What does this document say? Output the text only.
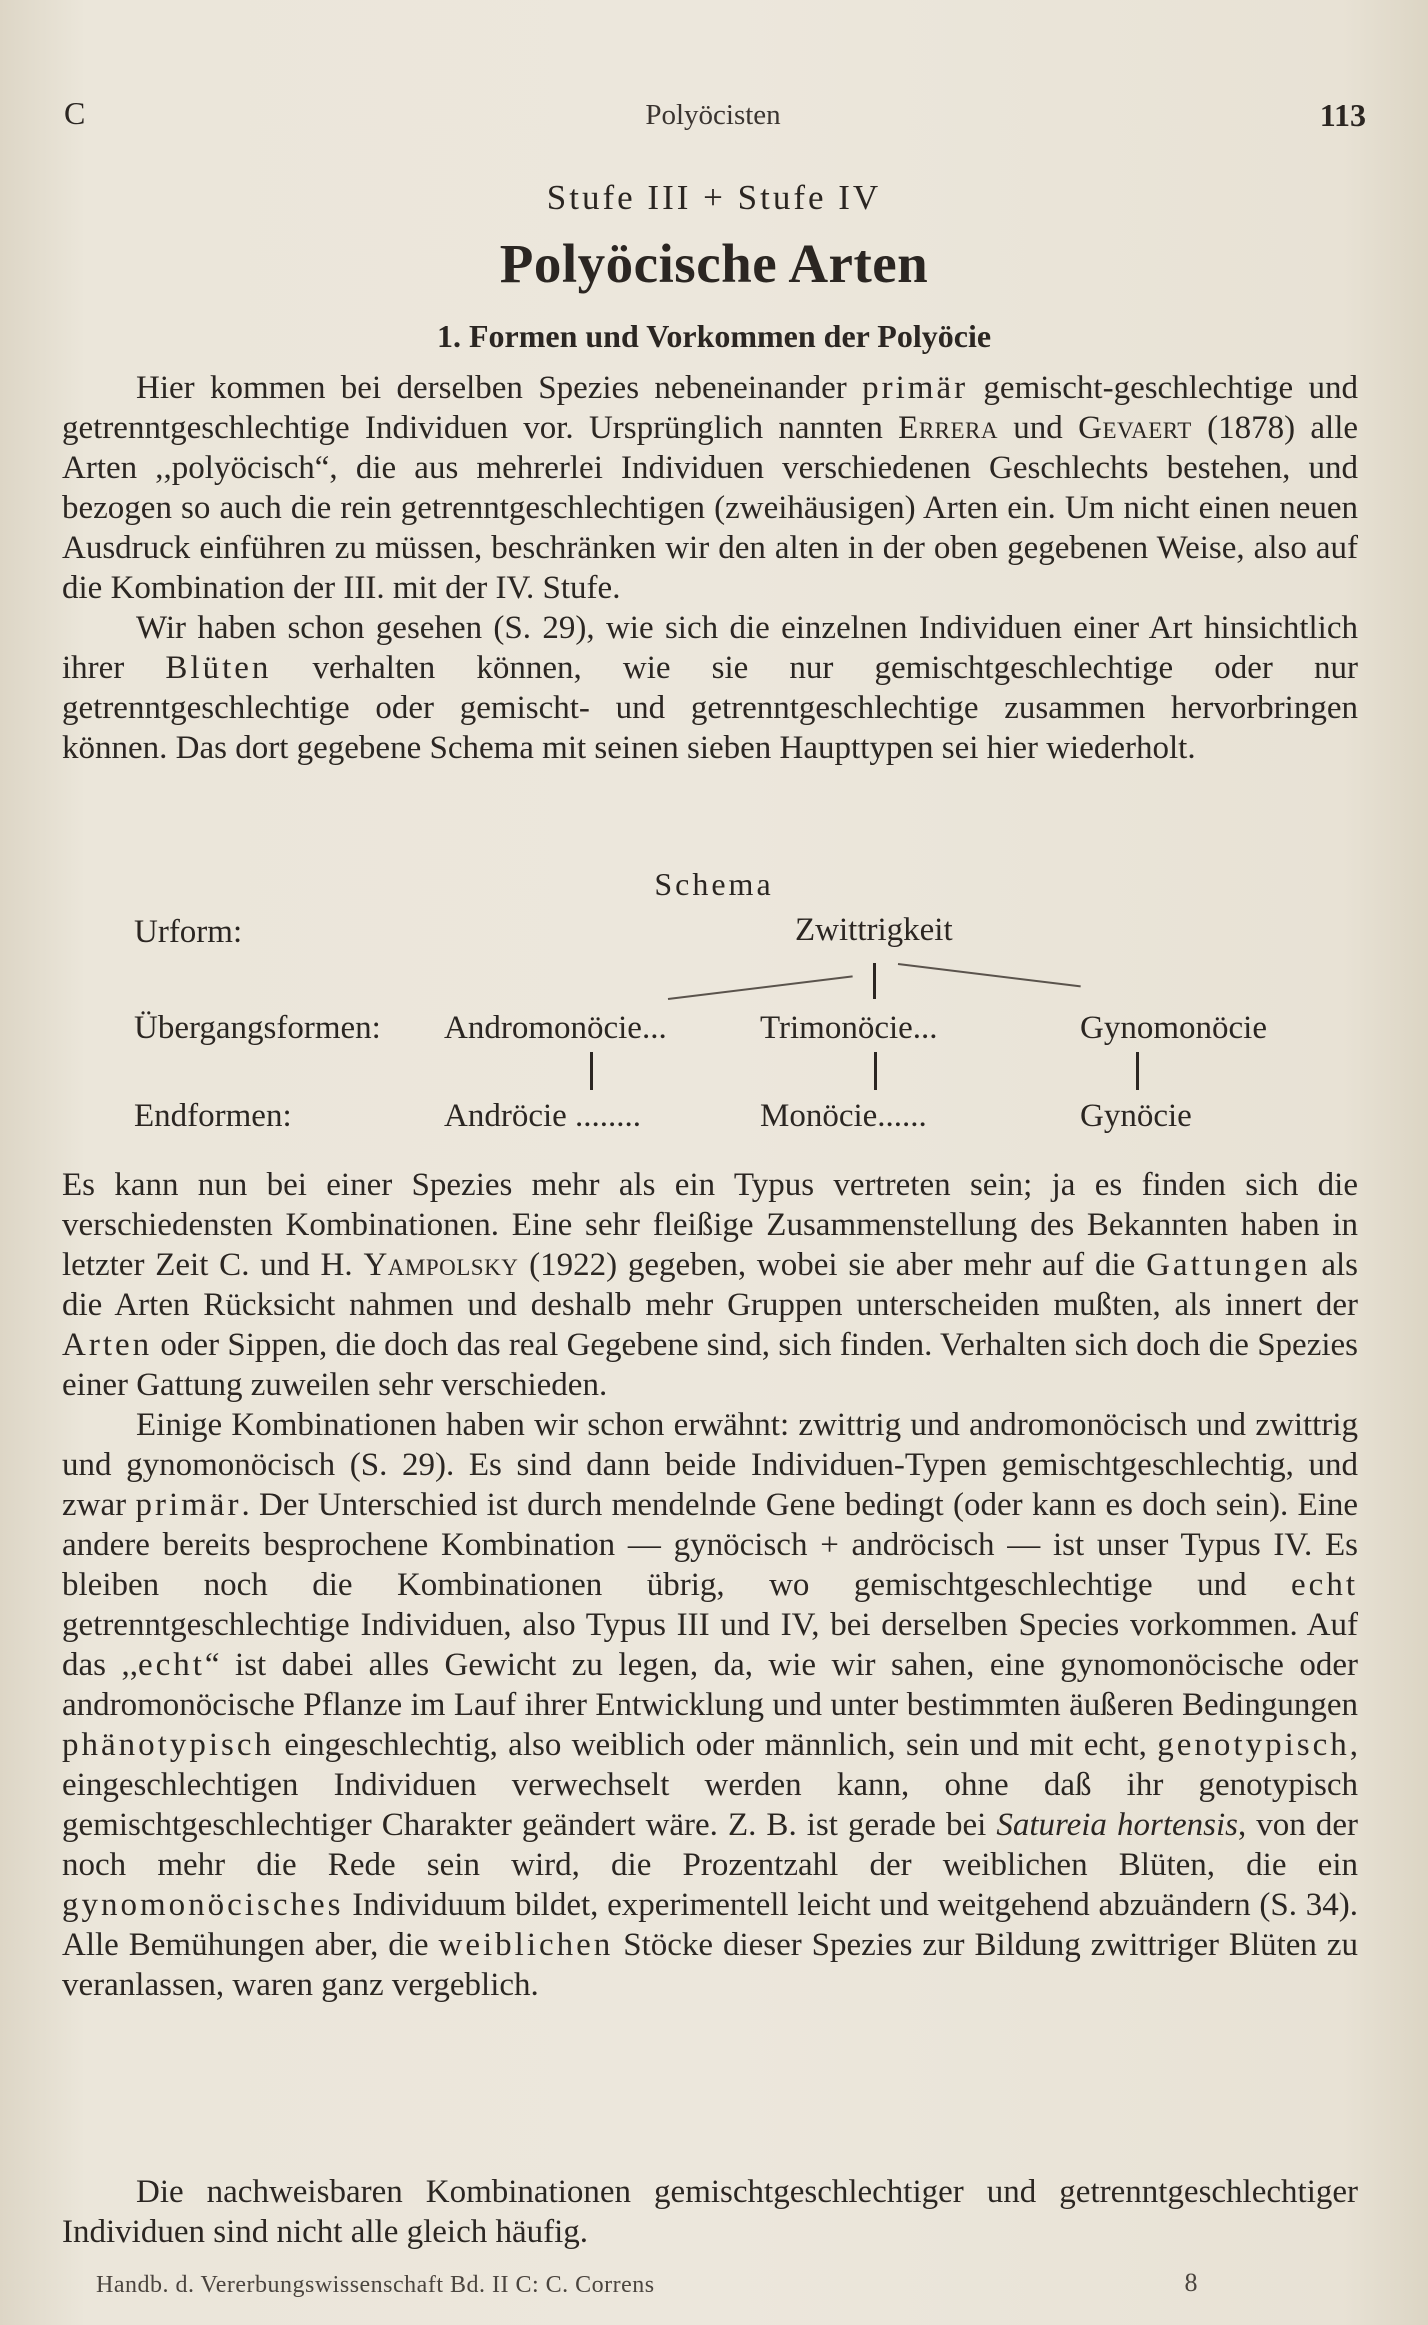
C	Polyöcisten	113
Stufe III + Stufe IV
Polyöcische Arten
1. Formen und Vorkommen der Polyöcie

Hier kommen bei derselben Spezies nebeneinander primär gemischt-geschlechtige und getrenntgeschlechtige Individuen vor. Ursprünglich nannten Errera und Gevaert (1878) alle Arten ,,polyöcisch“, die aus mehrerlei Individuen verschiedenen Geschlechts bestehen, und bezogen so auch die rein getrenntgeschlechtigen (zweihäusigen) Arten ein. Um nicht einen neuen Ausdruck einführen zu müssen, beschränken wir den alten in der oben gegebenen Weise, also auf die Kombination der III. mit der IV. Stufe.

Wir haben schon gesehen (S. 29), wie sich die einzelnen Individuen einer Art hinsichtlich ihrer Blüten verhalten können, wie sie nur gemischtgeschlechtige oder nur getrenntgeschlechtige oder gemischt- und getrenntgeschlechtige zusammen hervorbringen können. Das dort gegebene Schema mit seinen sieben Haupttypen sei hier wiederholt.

Schema
Urform:	Zwittrigkeit
Übergangsformen: Andromonöcie...	Trimonöcie...	Gynomonöcie
Endformen:	Andröcie ........	Monöcie......	Gynöcie

Es kann nun bei einer Spezies mehr als ein Typus vertreten sein; ja es finden sich die verschiedensten Kombinationen. Eine sehr fleißige Zusammenstellung des Bekannten haben in letzter Zeit C. und H. Yampolsky (1922) gegeben, wobei sie aber mehr auf die Gattungen als die Arten Rücksicht nahmen und deshalb mehr Gruppen unterscheiden mußten, als innert der Arten oder Sippen, die doch das real Gegebene sind, sich finden. Verhalten sich doch die Spezies einer Gattung zuweilen sehr verschieden.

Einige Kombinationen haben wir schon erwähnt: zwittrig und andromonöcisch und zwittrig und gynomonöcisch (S. 29). Es sind dann beide Individuen-Typen gemischtgeschlechtig, und zwar primär. Der Unterschied ist durch mendelnde Gene bedingt (oder kann es doch sein). Eine andere bereits besprochene Kombination — gynöcisch + andröcisch — ist unser Typus IV. Es bleiben noch die Kombinationen übrig, wo gemischtgeschlechtige und echt getrenntgeschlechtige Individuen, also Typus III und IV, bei derselben Species vorkommen. Auf das ,,echt“ ist dabei alles Gewicht zu legen, da, wie wir sahen, eine gynomonöcische oder andromonöcische Pflanze im Lauf ihrer Entwicklung und unter bestimmten äußeren Bedingungen phänotypisch eingeschlechtig, also weiblich oder männlich, sein und mit echt, genotypisch, eingeschlechtigen Individuen verwechselt werden kann, ohne daß ihr genotypisch gemischtgeschlechtiger Charakter geändert wäre. Z. B. ist gerade bei Satureia hortensis, von der noch mehr die Rede sein wird, die Prozentzahl der weiblichen Blüten, die ein gynomonöcisches Individuum bildet, experimentell leicht und weitgehend abzuändern (S. 34). Alle Bemühungen aber, die weiblichen Stöcke dieser Spezies zur Bildung zwittriger Blüten zu veranlassen, waren ganz vergeblich.

Die nachweisbaren Kombinationen gemischtgeschlechtiger und getrenntgeschlechtiger Individuen sind nicht alle gleich häufig.

Handb. d. Vererbungswissenschaft Bd. II C: C. Correns	8
